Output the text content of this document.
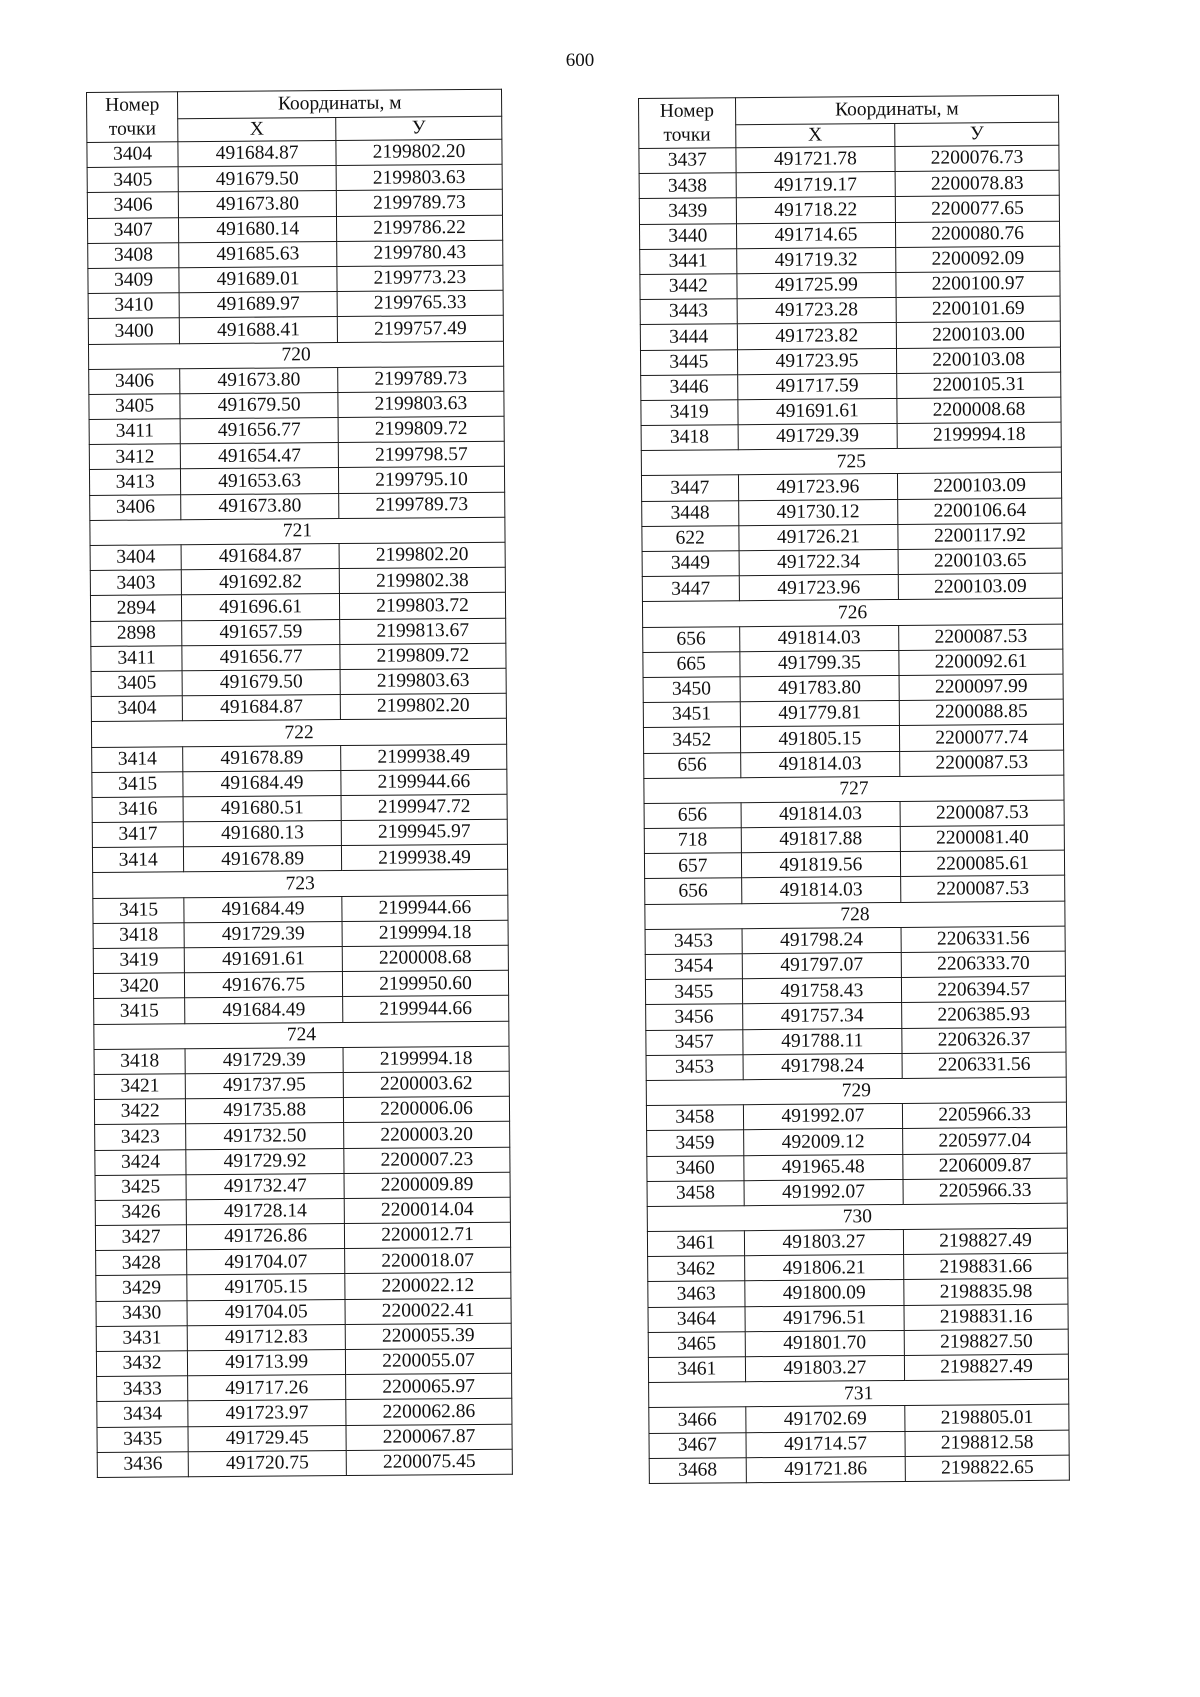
600
Номер
точки	Координаты, м	
	X	У
3404	491684.87	2199802.20
3405	491679.50	2199803.63
3406	491673.80	2199789.73
3407	491680.14	2199786.22
3408	491685.63	2199780.43
3409	491689.01	2199773.23
3410	491689.97	2199765.33
3400	491688.41	2199757.49
720		
3406	491673.80	2199789.73
3405	491679.50	2199803.63
3411	491656.77	2199809.72
3412	491654.47	2199798.57
3413	491653.63	2199795.10
3406	491673.80	2199789.73
721		
3404	491684.87	2199802.20
3403	491692.82	2199802.38
2894	491696.61	2199803.72
2898	491657.59	2199813.67
3411	491656.77	2199809.72
3405	491679.50	2199803.63
3404	491684.87	2199802.20
722		
3414	491678.89	2199938.49
3415	491684.49	2199944.66
3416	491680.51	2199947.72
3417	491680.13	2199945.97
3414	491678.89	2199938.49
723		
3415	491684.49	2199944.66
3418	491729.39	2199994.18
3419	491691.61	2200008.68
3420	491676.75	2199950.60
3415	491684.49	2199944.66
724		
3418	491729.39	2199994.18
3421	491737.95	2200003.62
3422	491735.88	2200006.06
3423	491732.50	2200003.20
3424	491729.92	2200007.23
3425	491732.47	2200009.89
3426	491728.14	2200014.04
3427	491726.86	2200012.71
3428	491704.07	2200018.07
3429	491705.15	2200022.12
3430	491704.05	2200022.41
3431	491712.83	2200055.39
3432	491713.99	2200055.07
3433	491717.26	2200065.97
3434	491723.97	2200062.86
3435	491729.45	2200067.87
3436	491720.75	2200075.45
Номер
точки	Координаты, м	
	X	У
3437	491721.78	2200076.73
3438	491719.17	2200078.83
3439	491718.22	2200077.65
3440	491714.65	2200080.76
3441	491719.32	2200092.09
3442	491725.99	2200100.97
3443	491723.28	2200101.69
3444	491723.82	2200103.00
3445	491723.95	2200103.08
3446	491717.59	2200105.31
3419	491691.61	2200008.68
3418	491729.39	2199994.18
725		
3447	491723.96	2200103.09
3448	491730.12	2200106.64
622	491726.21	2200117.92
3449	491722.34	2200103.65
3447	491723.96	2200103.09
726		
656	491814.03	2200087.53
665	491799.35	2200092.61
3450	491783.80	2200097.99
3451	491779.81	2200088.85
3452	491805.15	2200077.74
656	491814.03	2200087.53
727		
656	491814.03	2200087.53
718	491817.88	2200081.40
657	491819.56	2200085.61
656	491814.03	2200087.53
728		
3453	491798.24	2206331.56
3454	491797.07	2206333.70
3455	491758.43	2206394.57
3456	491757.34	2206385.93
3457	491788.11	2206326.37
3453	491798.24	2206331.56
729		
3458	491992.07	2205966.33
3459	492009.12	2205977.04
3460	491965.48	2206009.87
3458	491992.07	2205966.33
730		
3461	491803.27	2198827.49
3462	491806.21	2198831.66
3463	491800.09	2198835.98
3464	491796.51	2198831.16
3465	491801.70	2198827.50
3461	491803.27	2198827.49
731		
3466	491702.69	2198805.01
3467	491714.57	2198812.58
3468	491721.86	2198822.65
